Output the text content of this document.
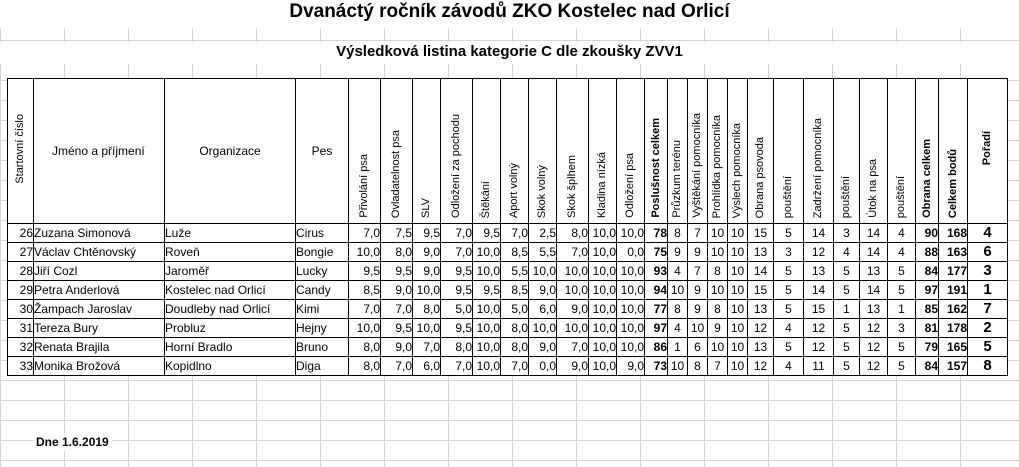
Dvanáctý ročník závodů ZKO Kostelec nad Orlicí
Výsledková listina kategorie C dle zkoušky ZVV1
Startovní číslo	Jméno a příjmení	Organizace	Pes	Přivolání psa	Ovladatelnost psa	SLV	Odložení za pochodu	Štěkání	Aport volný	Skok volný	Skok šplhem	Kladina nízká	Odložení psa	Poslušnost celkem	Průzkum terénu	Vyštěkání pomocníka	Prohlídka pomocníka	Výslech pomocníka	Obrana psovoda	pouštění	Zadržení pomocníka	pouštění	Útok na psa	pouštění	Obrana celkem	Celkem bodů	Pořadí
26	Zuzana Simonová	Luže	Cirus	7,0	7,5	9,5	7,0	9,5	7,0	2,5	8,0	10,0	10,0	78	8	7	10	10	15	5	14	3	14	4	90	168	4
27	Václav Chtěnovský	Roveň	Bongie	10,0	8,0	9,0	7,0	10,0	8,5	5,5	7,0	10,0	0,0	75	9	9	10	10	13	3	12	4	14	4	88	163	6
28	Jiří Cozl	Jaroměř	Lucky	9,5	9,5	9,0	9,5	10,0	5,5	10,0	10,0	10,0	10,0	93	4	7	8	10	14	5	13	5	13	5	84	177	3
29	Petra Anderlová	Kostelec nad Orlicí	Candy	8,5	9,0	10,0	9,5	9,5	8,5	9,0	10,0	10,0	10,0	94	10	9	10	10	15	5	14	5	14	5	97	191	1
30	Žampach Jaroslav	Doudleby nad Orlicí	Kimi	7,0	7,0	8,0	5,0	10,0	5,0	6,0	9,0	10,0	10,0	77	8	9	8	10	13	5	15	1	13	1	85	162	7
31	Tereza Bury	Probluz	Hejny	10,0	9,5	10,0	9,5	10,0	8,0	10,0	10,0	10,0	10,0	97	4	10	9	10	12	4	12	5	12	3	81	178	2
32	Renata Brajila	Horní Bradlo	Bruno	8,0	9,0	7,0	8,0	10,0	8,0	9,0	7,0	10,0	10,0	86	1	6	10	10	13	5	12	5	12	5	79	165	5
33	Monika Brožová	Kopidlno	Diga	8,0	7,0	6,0	7,0	10,0	7,0	0,0	9,0	10,0	9,0	73	10	8	7	10	12	4	11	5	12	5	84	157	8
Dne 1.6.2019
